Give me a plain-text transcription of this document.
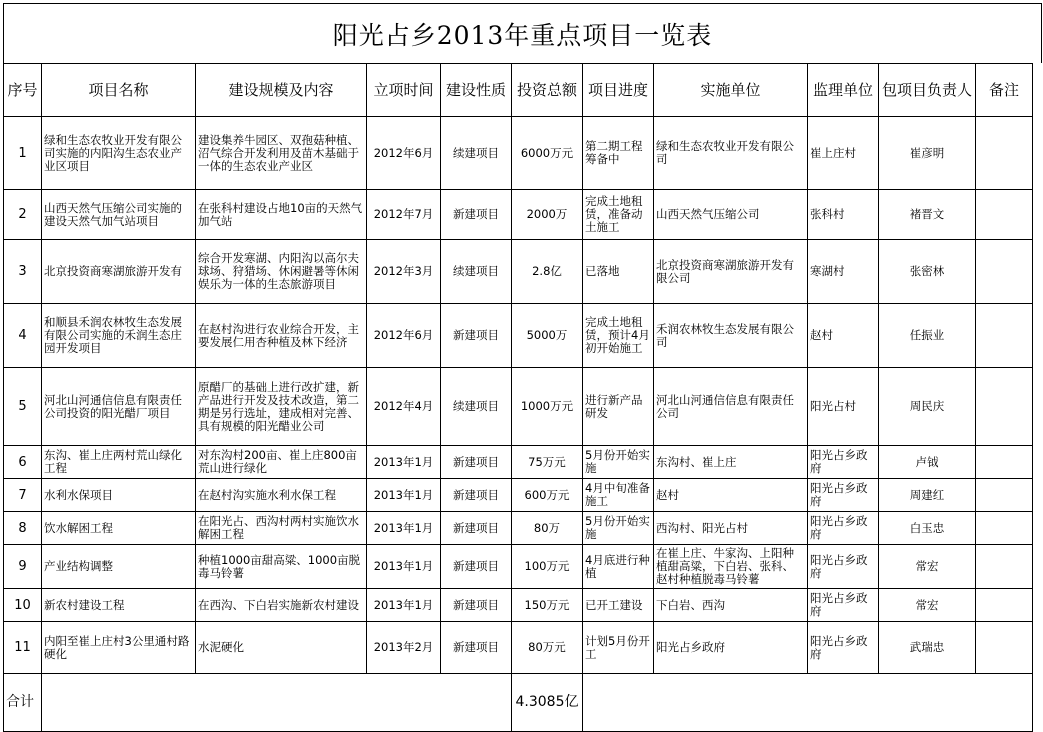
阳光占乡2013年重点项目一览表
序号	项目名称	建设规模及内容	立项时间	建设性质	投资总额	项目进度	实施单位	监理单位	包项目负责人	备注
1	绿和生态农牧业开发有限公司实施的内阳沟生态农业产业区项目	建设集养牛园区、双孢菇种植、沼气综合开发利用及苗木基础于一体的生态农业产业区	2012年6月	续建项目	6000万元	第二期工程筹备中	绿和生态农牧业开发有限公司	崔上庄村	崔彦明	
2	山西天然气压缩公司实施的建设天然气加气站项目	在张科村建设占地10亩的天然气加气站	2012年7月	新建项目	2000万	完成土地租赁，准备动土施工	山西天然气压缩公司	张科村	褚晋文	
3	北京投资商寒湖旅游开发有	综合开发寒湖、内阳沟以高尔夫球场、狩猎场、休闲避暑等休闲娱乐为一体的生态旅游项目	2012年3月	续建项目	2.8亿	已落地	北京投资商寒湖旅游开发有限公司	寒湖村	张密林	
4	和顺县禾润农林牧生态发展有限公司实施的禾润生态庄园开发项目	在赵村沟进行农业综合开发，主要发展仁用杏种植及林下经济	2012年6月	新建项目	5000万	完成土地租赁，预计4月初开始施工	禾润农林牧生态发展有限公司	赵村	任振业	
5	河北山河通信信息有限责任公司投资的阳光醋厂项目	原醋厂的基础上进行改扩建，新产品进行开发及技术改造，第二期是另行选址，建成相对完善、具有规模的阳光醋业公司	2012年4月	续建项目	1000万元	进行新产品研发	河北山河通信信息有限责任公司	阳光占村	周民庆	
6	东沟、崔上庄两村荒山绿化工程	对东沟村200亩、崔上庄800亩荒山进行绿化	2013年1月	新建项目	75万元	5月份开始实施	东沟村、崔上庄	阳光占乡政府	卢钺	
7	水利水保项目	在赵村沟实施水利水保工程	2013年1月	新建项目	600万元	4月中旬准备施工	赵村	阳光占乡政府	周建红	
8	饮水解困工程	在阳光占、西沟村两村实施饮水解困工程	2013年1月	新建项目	80万	5月份开始实施	西沟村、阳光占村	阳光占乡政府	白玉忠	
9	产业结构调整	种植1000亩甜高粱、1000亩脱毒马铃薯	2013年1月	新建项目	100万元	4月底进行种植	在崔上庄、牛家沟、上阳种植甜高粱，下白岩、张科、赵村种植脱毒马铃薯	阳光占乡政府	常宏	
10	新农村建设工程	在西沟、下白岩实施新农村建设	2013年1月	新建项目	150万元	已开工建设	下白岩、西沟	阳光占乡政府	常宏	
11	内阳至崔上庄村3公里通村路硬化	水泥硬化	2013年2月	新建项目	80万元	计划5月份开工	阳光占乡政府	阳光占乡政府	武瑞忠	
合计					4.3085亿					
